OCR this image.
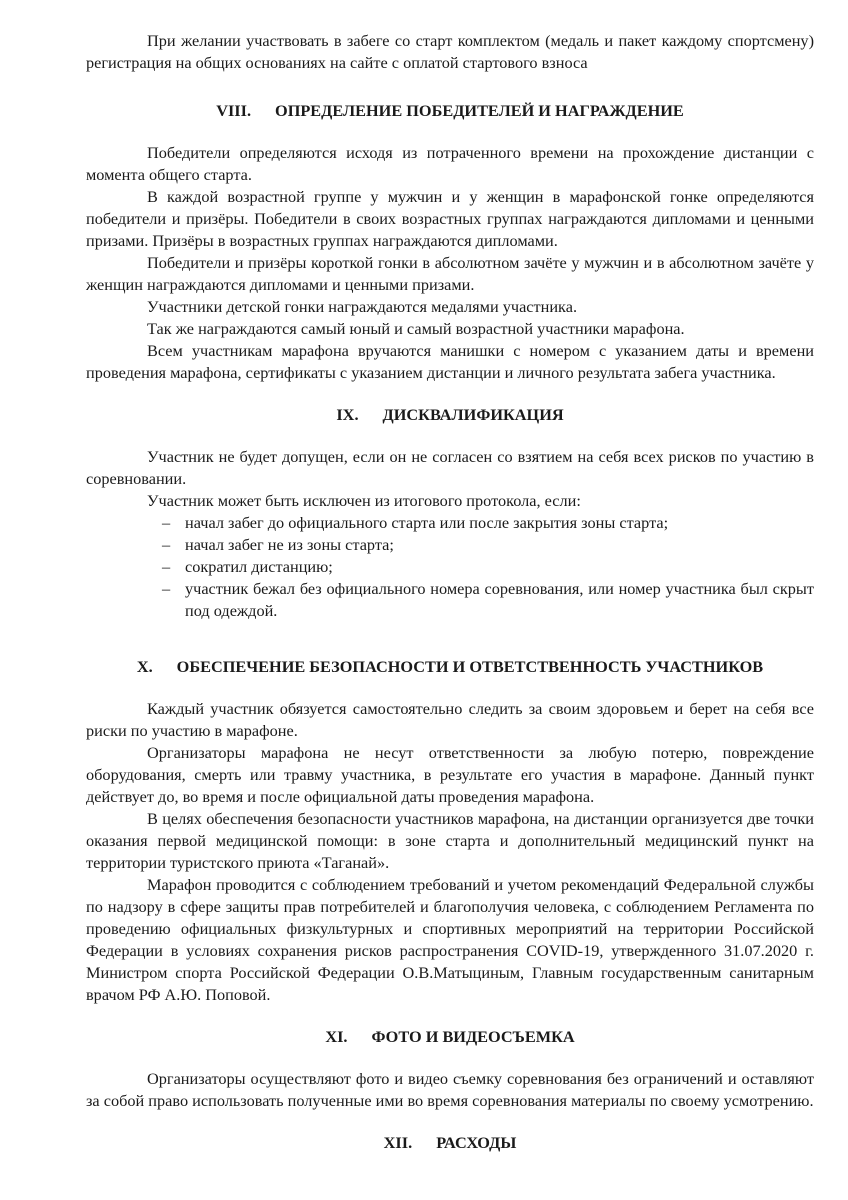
При желании участвовать в забеге со старт комплектом (медаль и пакет каждому спортсмену) регистрация на общих основаниях на сайте с оплатой стартового взноса

VIII. ОПРЕДЕЛЕНИЕ ПОБЕДИТЕЛЕЙ И НАГРАЖДЕНИЕ

Победители определяются исходя из потраченного времени на прохождение дистанции с момента общего старта.

В каждой возрастной группе у мужчин и у женщин в марафонской гонке определяются победители и призёры. Победители в своих возрастных группах награждаются дипломами и ценными призами. Призёры в возрастных группах награждаются дипломами.

Победители и призёры короткой гонки в абсолютном зачёте у мужчин и в абсолютном зачёте у женщин награждаются дипломами и ценными призами.

Участники детской гонки награждаются медалями участника.

Так же награждаются самый юный и самый возрастной участники марафона.

Всем участникам марафона вручаются манишки с номером с указанием даты и времени проведения марафона, сертификаты с указанием дистанции и личного результата забега участника.

IX. ДИСКВАЛИФИКАЦИЯ

Участник не будет допущен, если он не согласен со взятием на себя всех рисков по участию в соревновании.

Участник может быть исключен из итогового протокола, если:

– начал забег до официального старта или после закрытия зоны старта;
– начал забег не из зоны старта;
– сократил дистанцию;
– участник бежал без официального номера соревнования, или номер участника был скрыт под одеждой.
X. ОБЕСПЕЧЕНИЕ БЕЗОПАСНОСТИ И ОТВЕТСТВЕННОСТЬ УЧАСТНИКОВ

Каждый участник обязуется самостоятельно следить за своим здоровьем и берет на себя все риски по участию в марафоне.

Организаторы марафона не несут ответственности за любую потерю, повреждение оборудования, смерть или травму участника, в результате его участия в марафоне. Данный пункт действует до, во время и после официальной даты проведения марафона.

В целях обеспечения безопасности участников марафона, на дистанции организуется две точки оказания первой медицинской помощи: в зоне старта и дополнительный медицинский пункт на территории туристского приюта «Таганай».

Марафон проводится с соблюдением требований и учетом рекомендаций Федеральной службы по надзору в сфере защиты прав потребителей и благополучия человека, с соблюдением Регламента по проведению официальных физкультурных и спортивных мероприятий на территории Российской Федерации в условиях сохранения рисков распространения COVID-19, утвержденного 31.07.2020 г. Министром спорта Российской Федерации О.В.Матыциным, Главным государственным санитарным врачом РФ А.Ю. Поповой.

XI. ФОТО И ВИДЕОСЪЕМКА

Организаторы осуществляют фото и видео съемку соревнования без ограничений и оставляют за собой право использовать полученные ими во время соревнования материалы по своему усмотрению.

XII. РАСХОДЫ
